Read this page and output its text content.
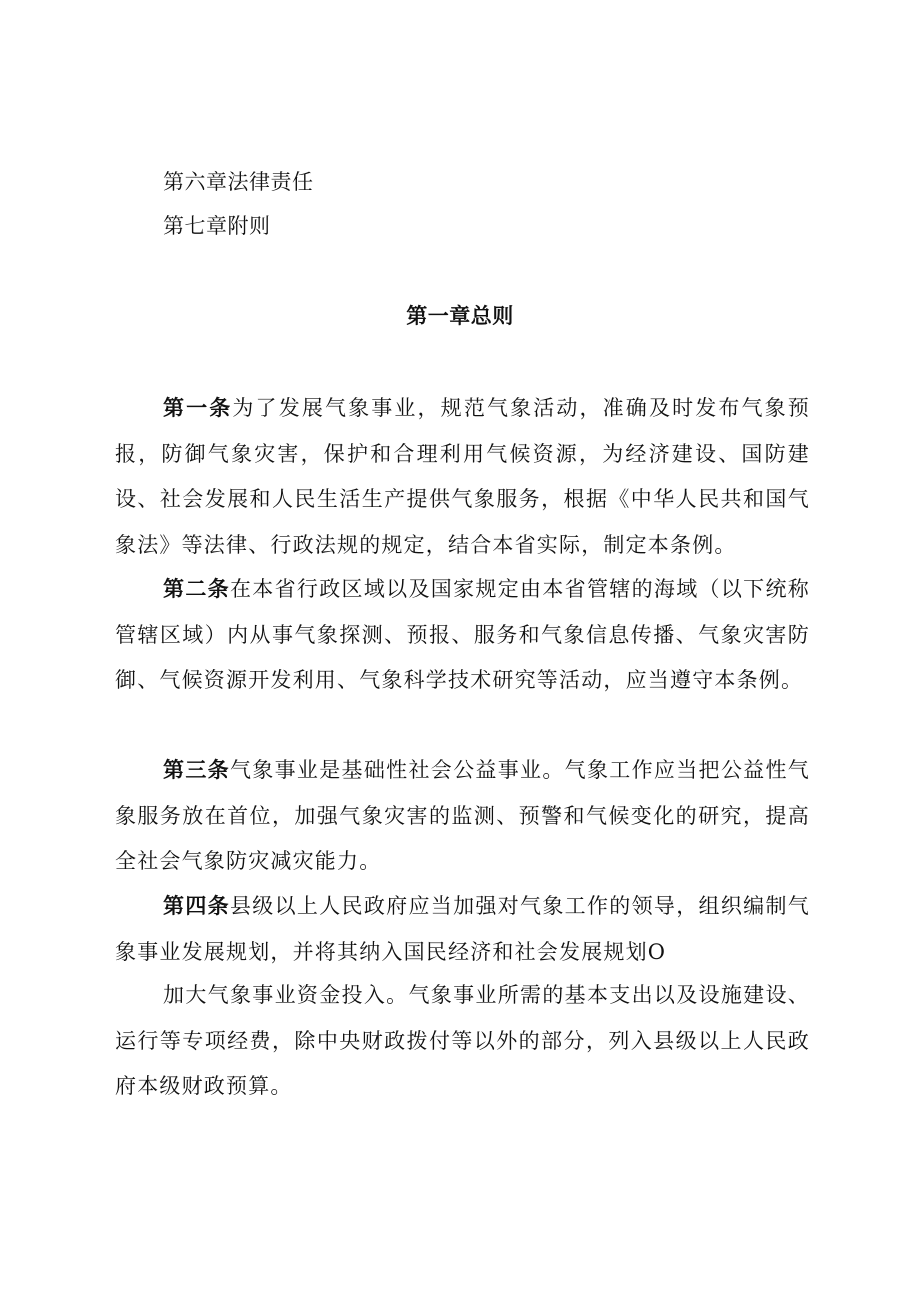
第六章法律责任
第七章附则
第一章总则
第一条为了发展气象事业，规范气象活动，准确及时发布气象预报，防御气象灾害，保护和合理利用气候资源，为经济建设、国防建设、社会发展和人民生活生产提供气象服务，根据《中华人民共和国气象法》等法律、行政法规的规定，结合本省实际，制定本条例。
第二条在本省行政区域以及国家规定由本省管辖的海域（以下统称管辖区域）内从事气象探测、预报、服务和气象信息传播、气象灾害防御、气候资源开发利用、气象科学技术研究等活动，应当遵守本条例。
第三条气象事业是基础性社会公益事业。气象工作应当把公益性气象服务放在首位，加强气象灾害的监测、预警和气候变化的研究，提高全社会气象防灾减灾能力。
第四条县级以上人民政府应当加强对气象工作的领导，组织编制气象事业发展规划，并将其纳入国民经济和社会发展规划O
加大气象事业资金投入。气象事业所需的基本支出以及设施建设、运行等专项经费，除中央财政拨付等以外的部分，列入县级以上人民政府本级财政预算。
